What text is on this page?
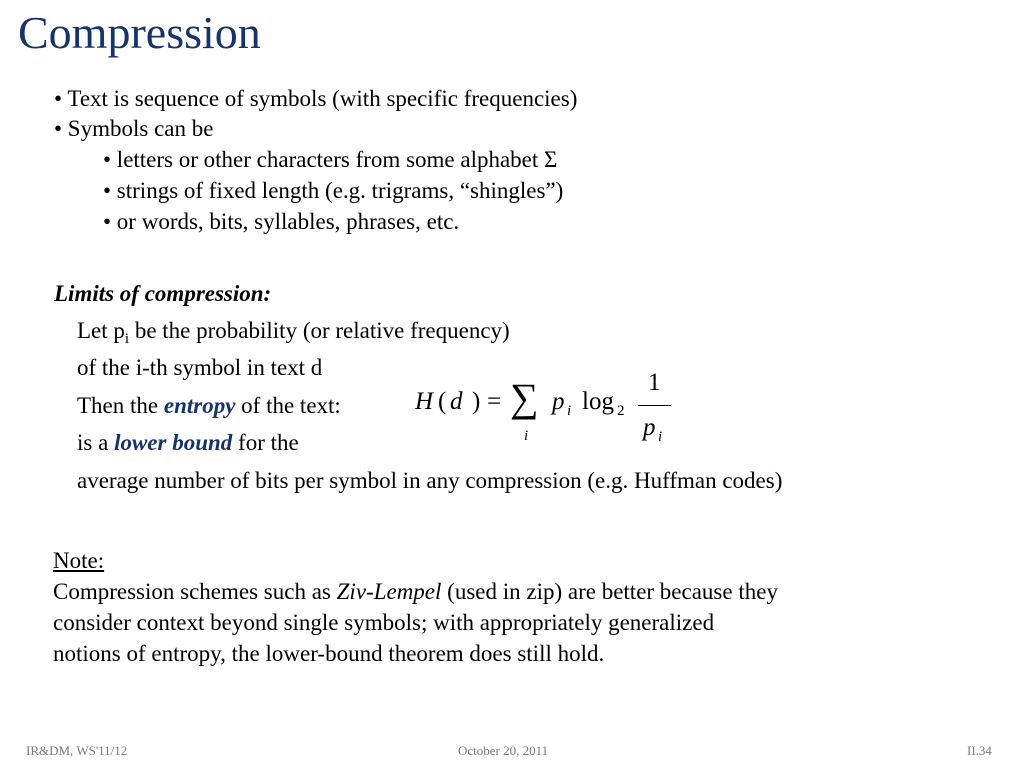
Compression
• Text is sequence of symbols (with specific frequencies)
• Symbols can be
• letters or other characters from some alphabet Σ
• strings of fixed length (e.g. trigrams, “shingles”)
• or words, bits, syllables, phrases, etc.
Limits of compression:
Let $p_i$ be the probability (or relative frequency)
of the i-th symbol in text d
Then the entropy of the text:
is a lower bound for the
average number of bits per symbol in any compression (e.g. Huffman codes)
H ( d ) = ∑
i
p i log 2
1
p i
Note:
Compression schemes such as Ziv-Lempel (used in zip) are better because they
consider context beyond single symbols; with appropriately generalized
notions of entropy, the lower-bound theorem does still hold.
IR&DM, WS'11/12	October 20, 2011	II.34
